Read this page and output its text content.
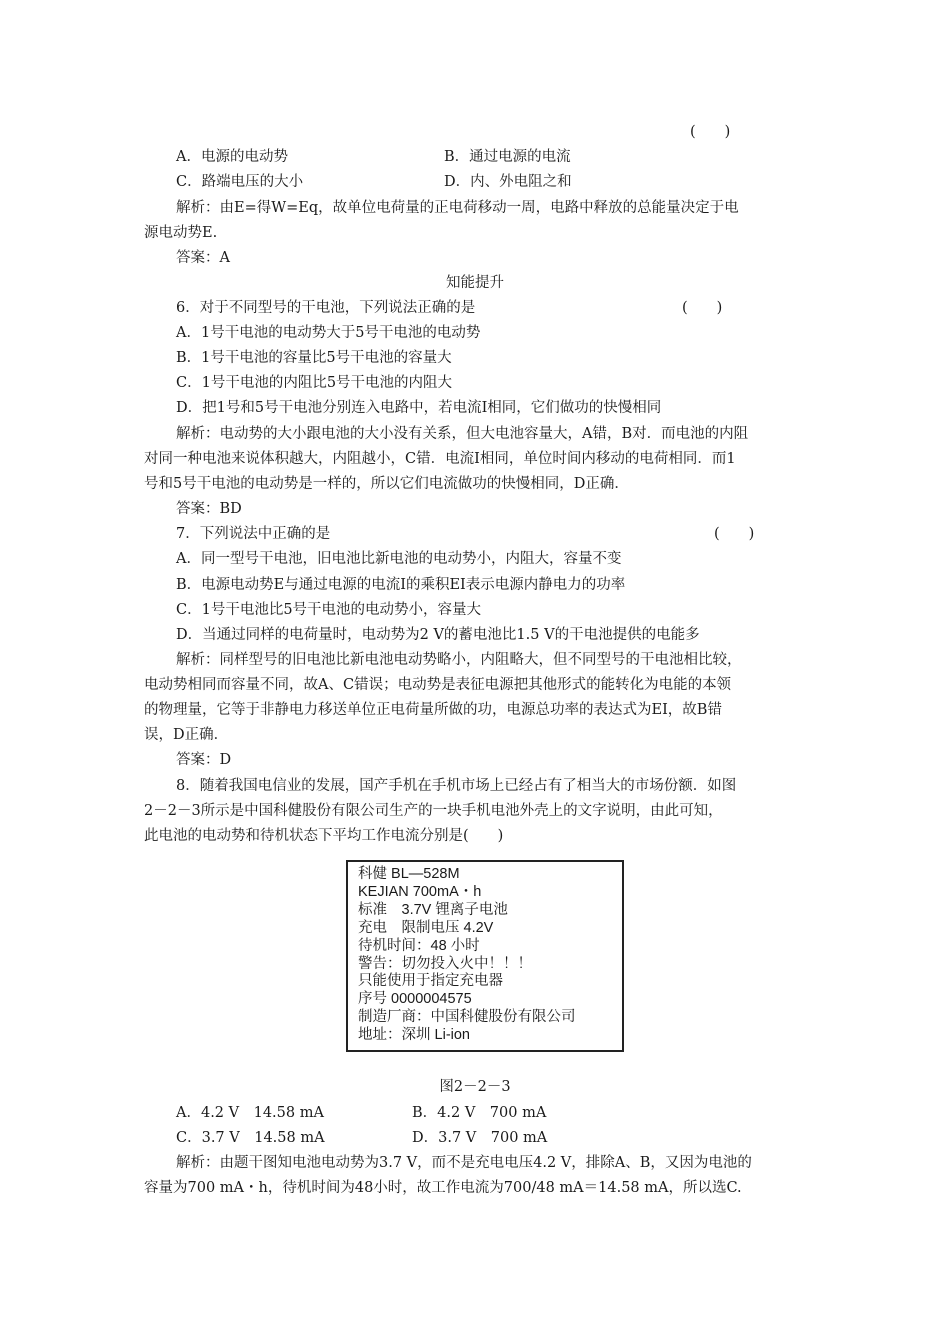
(　　)
A．电源的电动势	B．通过电源的电流
C．路端电压的大小	D．内、外电阻之和
解析：由E=得W=Eq，故单位电荷量的正电荷移动一周，电路中释放的总能量决定于电
源电动势E.
答案：A
知能提升
6．对于不同型号的干电池，下列说法正确的是	(　　)
A．1号干电池的电动势大于5号干电池的电动势
B．1号干电池的容量比5号干电池的容量大
C．1号干电池的内阻比5号干电池的内阻大
D．把1号和5号干电池分别连入电路中，若电流I相同，它们做功的快慢相同
解析：电动势的大小跟电池的大小没有关系，但大电池容量大，A错，B对．而电池的内阻
对同一种电池来说体积越大，内阻越小，C错．电流I相同，单位时间内移动的电荷相同．而1
号和5号干电池的电动势是一样的，所以它们电流做功的快慢相同，D正确．
答案：BD
7．下列说法中正确的是	(　　)
A．同一型号干电池，旧电池比新电池的电动势小，内阻大，容量不变
B．电源电动势E与通过电源的电流I的乘积EI表示电源内静电力的功率
C．1号干电池比5号干电池的电动势小，容量大
D．当通过同样的电荷量时，电动势为2 V的蓄电池比1.5 V的干电池提供的电能多
解析：同样型号的旧电池比新电池电动势略小，内阻略大，但不同型号的干电池相比较，
电动势相同而容量不同，故A、C错误；电动势是表征电源把其他形式的能转化为电能的本领
的物理量，它等于非静电力移送单位正电荷量所做的功，电源总功率的表达式为EI，故B错
误，D正确．
答案：D
8．随着我国电信业的发展，国产手机在手机市场上已经占有了相当大的市场份额．如图
2－2－3所示是中国科健股份有限公司生产的一块手机电池外壳上的文字说明，由此可知，
此电池的电动势和待机状态下平均工作电流分别是(　　)
科健 BL—528M
KEJIAN 700mA・h
标准　3.7V 锂离子电池
充电　限制电压 4.2V
待机时间：48 小时
警告：切勿投入火中！！！
只能使用于指定充电器
序号 0000004575
制造厂商：中国科健股份有限公司
地址：深圳 Li-ion
图2－2－3
A．4.2 V　14.58 mA	B．4.2 V　700 mA
C．3.7 V　14.58 mA	D．3.7 V　700 mA
解析：由题干图知电池电动势为3.7 V，而不是充电电压4.2 V，排除A、B，又因为电池的
容量为700 mA・h，待机时间为48小时，故工作电流为700/48 mA＝14.58 mA，所以选C.
